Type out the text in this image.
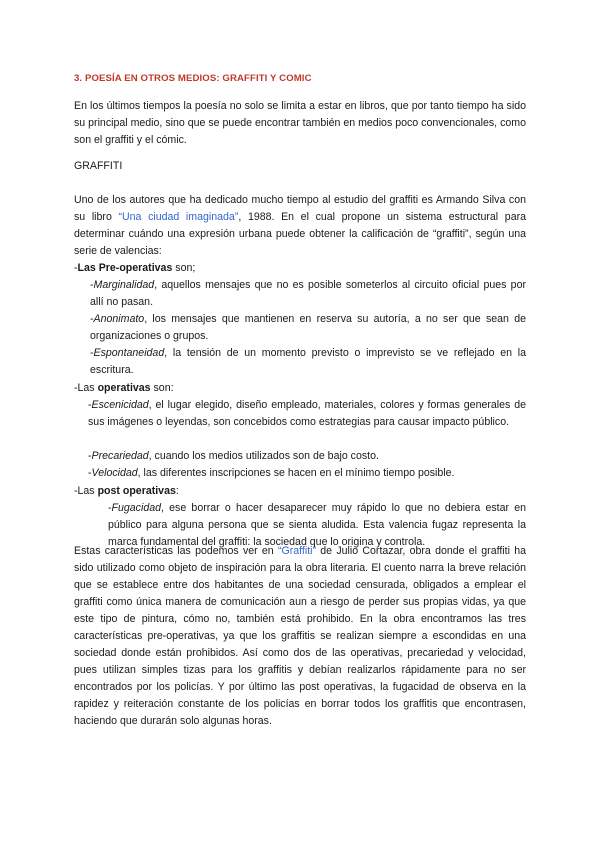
3. POESÍA EN OTROS MEDIOS: GRAFFITI Y COMIC

En los últimos tiempos la poesía no solo se limita a estar en libros, que por tanto tiempo ha sido su principal medio, sino que se puede encontrar también en medios poco convencionales, como son el graffiti y el cómic.

GRAFFITI

Uno de los autores que ha dedicado mucho tiempo al estudio del graffiti es Armando Silva con su libro “Una ciudad imaginada”, 1988. En el cual propone un sistema estructural para determinar cuándo una expresión urbana puede obtener la calificación de “graffiti”, según una serie de valencias:

-Las Pre-operativas son;
-Marginalidad, aquellos mensajes que no es posible someterlos al circuito oficial pues por allí no pasan.
-Anonimato, los mensajes que mantienen en reserva su autoría, a no ser que sean de organizaciones o grupos.
-Espontaneidad, la tensión de un momento previsto o imprevisto se ve reflejado en la escritura.
-Las operativas son:
-Escenicidad, el lugar elegido, diseño empleado, materiales, colores y formas generales de sus imágenes o leyendas, son concebidos como estrategias para causar impacto público.
-Precariedad, cuando los medios utilizados son de bajo costo.
-Velocidad, las diferentes inscripciones se hacen en el mínimo tiempo posible.
-Las post operativas:
-Fugacidad, ese borrar o hacer desaparecer muy rápido lo que no debiera estar en público para alguna persona que se sienta aludida. Esta valencia fugaz representa la marca fundamental del graffiti: la sociedad que lo origina y controla.

Estas características las podemos ver en “Graffiti” de Julio Cortazar, obra donde el graffiti ha sido utilizado como objeto de inspiración para la obra literaria. El cuento narra la breve relación que se establece entre dos habitantes de una sociedad censurada, obligados a emplear el graffiti como única manera de comunicación aun a riesgo de perder sus propias vidas, ya que este tipo de pintura, cómo no, también está prohibido. En la obra encontramos las tres características pre-operativas, ya que los graffitis se realizan siempre a escondidas en una sociedad donde están prohibidos. Así como dos de las operativas, precariedad y velocidad, pues utilizan simples tizas para los graffitis y debían realizarlos rápidamente para no ser encontrados por los policías. Y por último las post operativas, la fugacidad de observa en la rapidez y reiteración constante de los policías en borrar todos los graffitis que encontrasen, haciendo que durarán solo algunas horas.
